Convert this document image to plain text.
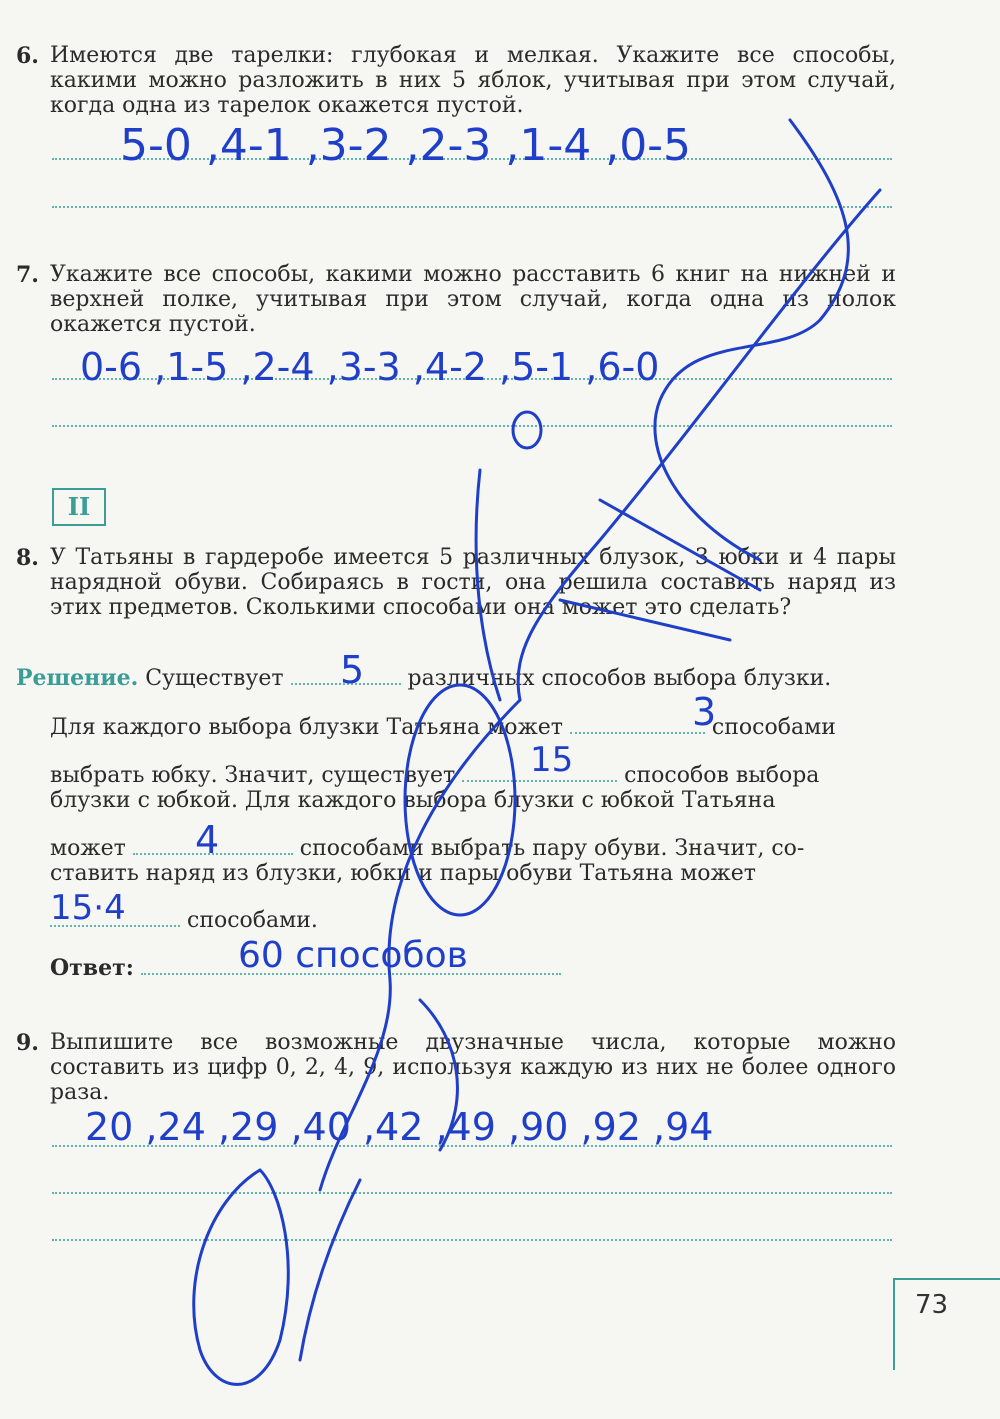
6. Имеются две тарелки: глубокая и мелкая. Укажите все способы, какими можно разложить в них 5 яблок, учитывая при этом случай, когда одна из тарелок окажется пустой.

5-0 ,4-1 ,3-2 ,2-3 ,1-4 ,0-5
7. Укажите все способы, какими можно расставить 6 книг на нижней и верхней полке, учитывая при этом случай, когда одна из полок окажется пустой.

0-6 ,1-5 ,2-4 ,3-3 ,4-2 ,5-1 ,6-0
II
8. У Татьяны в гардеробе имеется 5 различных блузок, 3 юбки и 4 пары нарядной обуви. Собираясь в гости, она решила составить наряд из этих предметов. Сколькими способами она может это сделать?

Решение. Существует	различных способов выбора блузки.
5
Для каждого выбора блузки Татьяна может	способами
3
выбрать юбку. Значит, существует	способов выбора
15
блузки с юбкой. Для каждого выбора блузки с юбкой Татьяна
может	способами выбрать пару обуви. Значит, со-
4
ставить наряд из блузки, юбки и пары обуви Татьяна может
способами.
15·4
Ответ:	60 способов
9. Выпишите все возможные двузначные числа, которые можно составить из цифр 0, 2, 4, 9, используя каждую из них не более одного раза.

20 ,24 ,29 ,40 ,42 ,49 ,90 ,92 ,94
73
